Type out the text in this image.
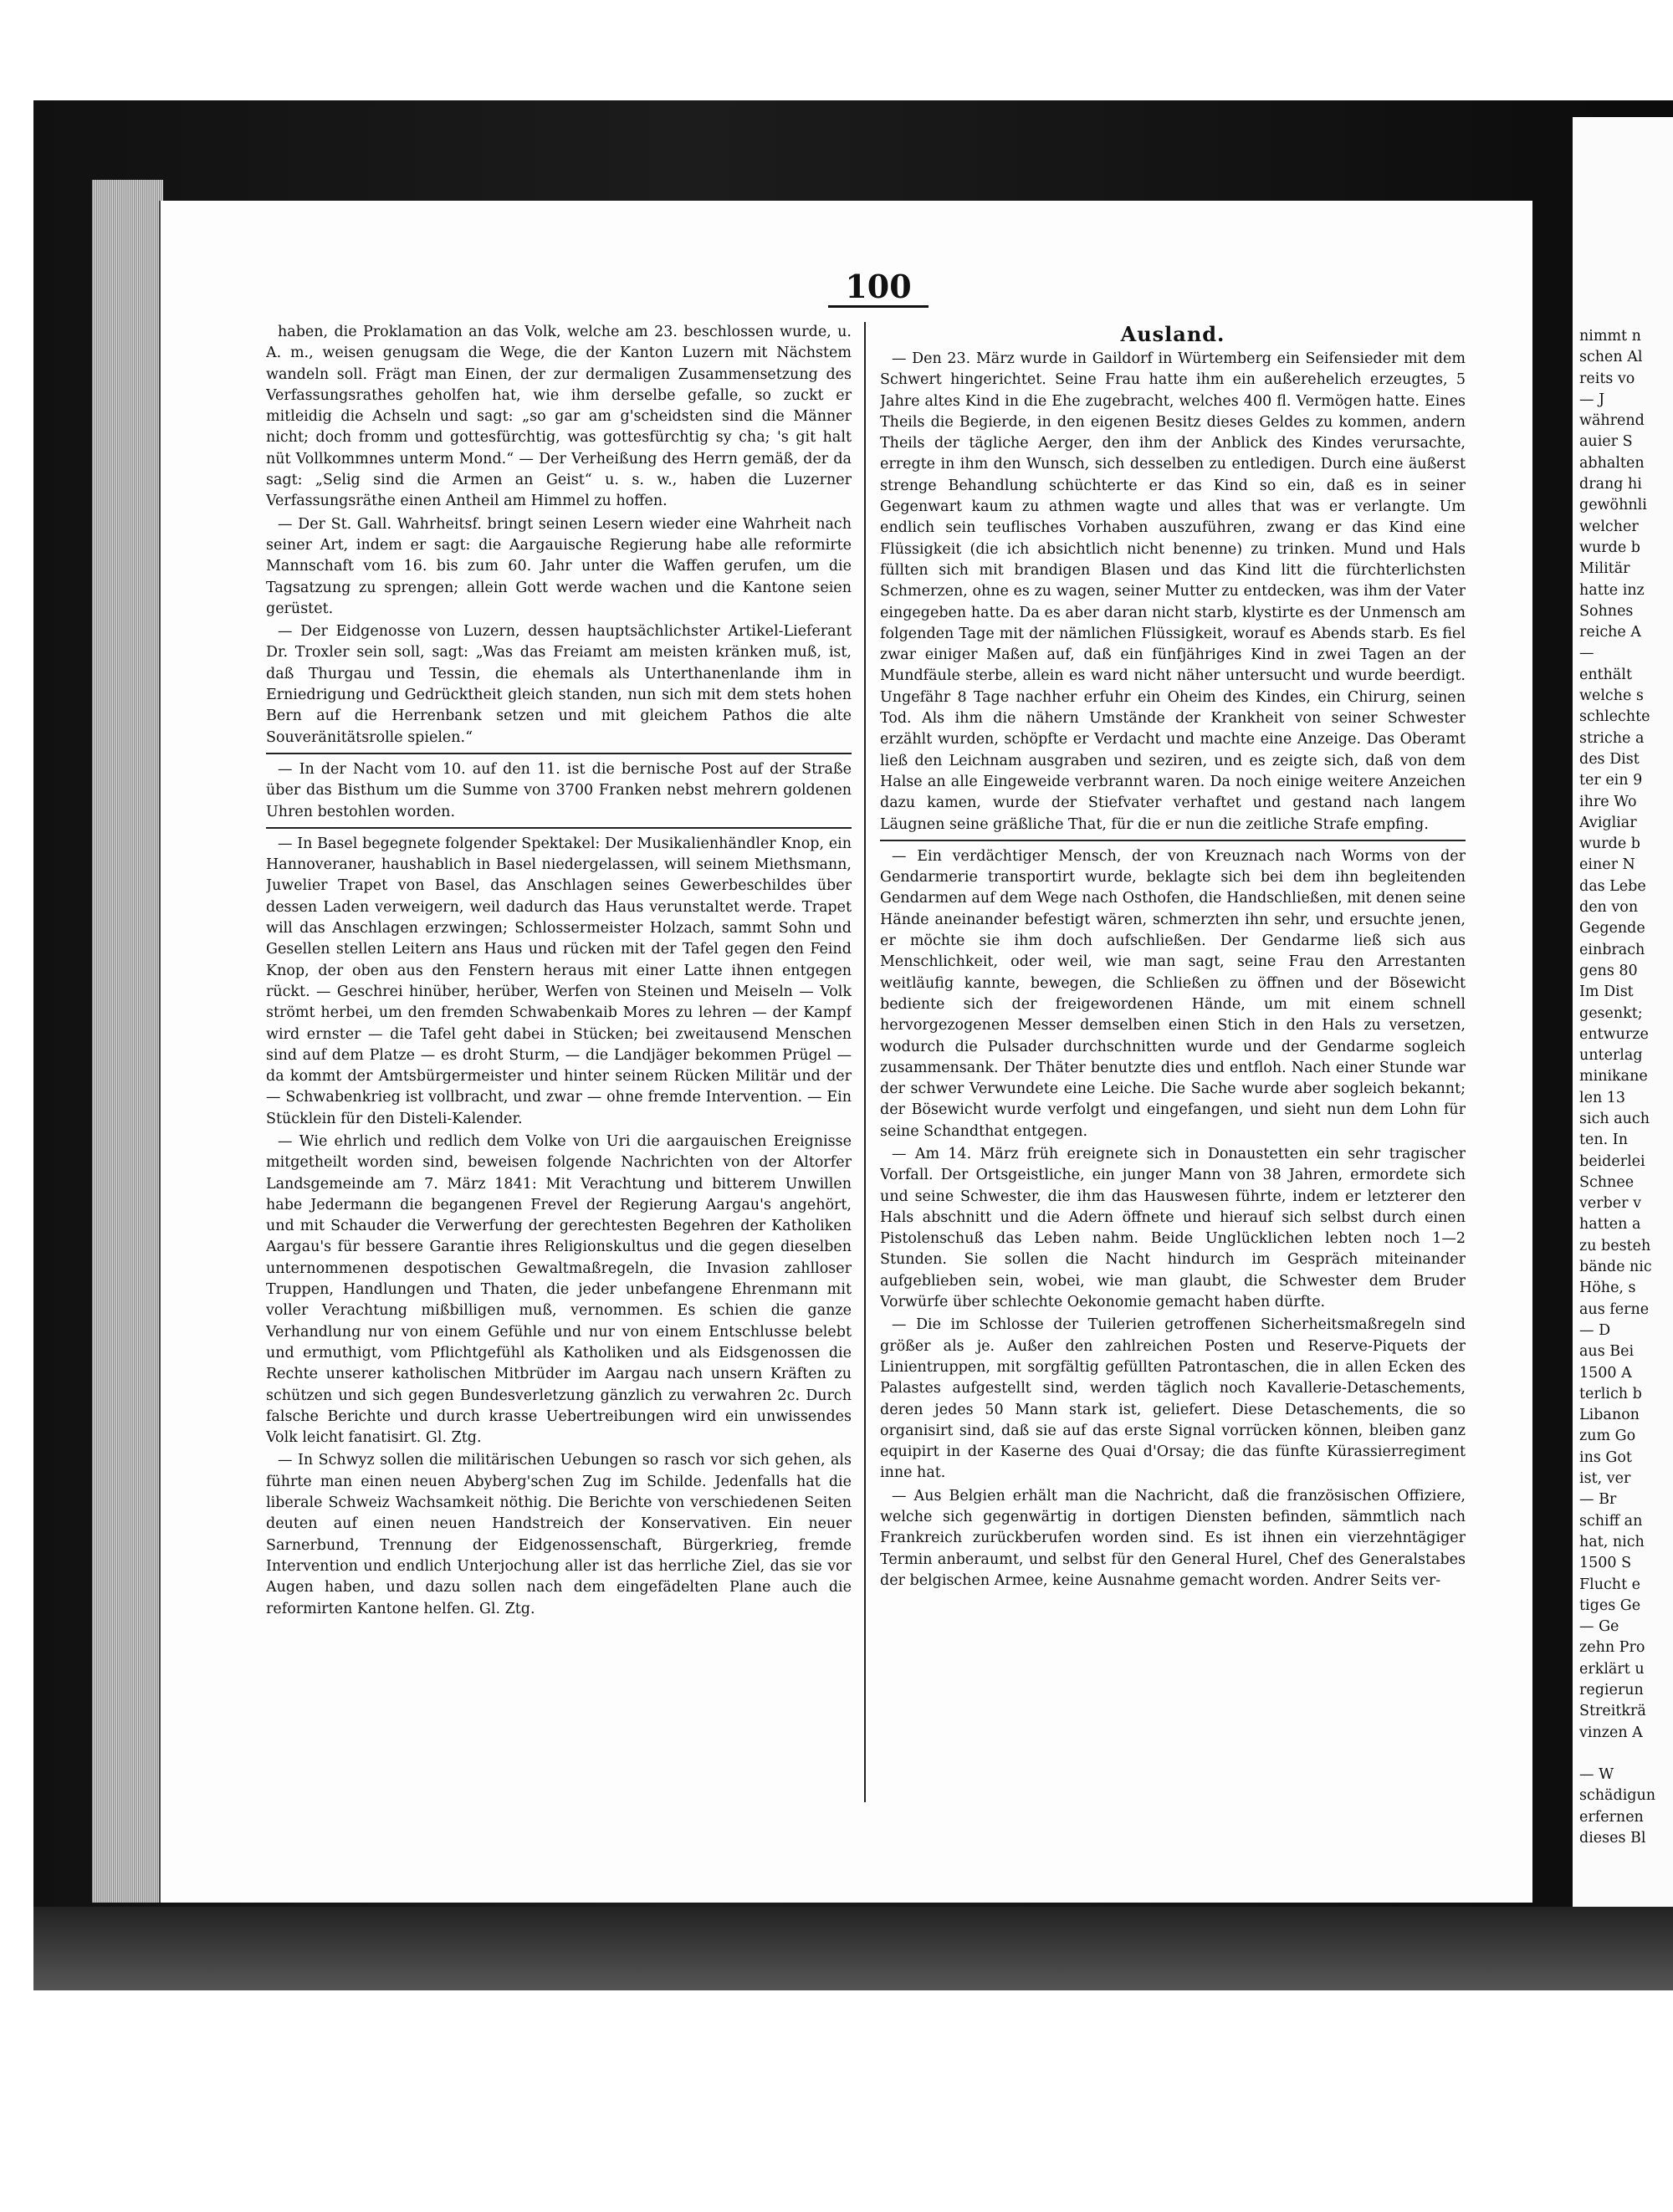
100

haben, die Proklamation an das Volk, welche am 23. beschlossen wurde, u. A. m., weisen genugsam die Wege, die der Kanton Luzern mit Nächstem wandeln soll. Frägt man Einen, der zur dermaligen Zusammensetzung des Verfassungsrathes geholfen hat, wie ihm derselbe gefalle, so zuckt er mitleidig die Achseln und sagt: „so gar am g'scheidsten sind die Männer nicht; doch fromm und gottesfürchtig, was gottesfürchtig sy cha; 's git halt nüt Vollkommnes unterm Mond.“ — Der Verheißung des Herrn gemäß, der da sagt: „Selig sind die Armen an Geist“ u. s. w., haben die Luzerner Verfassungsräthe einen Antheil am Himmel zu hoffen.

— Der St. Gall. Wahrheitsf. bringt seinen Lesern wieder eine Wahrheit nach seiner Art, indem er sagt: die Aargauische Regierung habe alle reformirte Mannschaft vom 16. bis zum 60. Jahr unter die Waffen gerufen, um die Tagsatzung zu sprengen; allein Gott werde wachen und die Kantone seien gerüstet.

— Der Eidgenosse von Luzern, dessen hauptsächlichster Artikel-Lieferant Dr. Troxler sein soll, sagt: „Was das Freiamt am meisten kränken muß, ist, daß Thurgau und Tessin, die ehemals als Unterthanenlande ihm in Erniedrigung und Gedrücktheit gleich standen, nun sich mit dem stets hohen Bern auf die Herrenbank setzen und mit gleichem Pathos die alte Souveränitätsrolle spielen.“

— In der Nacht vom 10. auf den 11. ist die bernische Post auf der Straße über das Bisthum um die Summe von 3700 Franken nebst mehrern goldenen Uhren bestohlen worden.

— In Basel begegnete folgender Spektakel: Der Musikalienhändler Knop, ein Hannoveraner, haushablich in Basel niedergelassen, will seinem Miethsmann, Juwelier Trapet von Basel, das Anschlagen seines Gewerbeschildes über dessen Laden verweigern, weil dadurch das Haus verunstaltet werde. Trapet will das Anschlagen erzwingen; Schlossermeister Holzach, sammt Sohn und Gesellen stellen Leitern ans Haus und rücken mit der Tafel gegen den Feind Knop, der oben aus den Fenstern heraus mit einer Latte ihnen entgegen rückt. — Geschrei hinüber, herüber, Werfen von Steinen und Meiseln — Volk strömt herbei, um den fremden Schwabenkaib Mores zu lehren — der Kampf wird ernster — die Tafel geht dabei in Stücken; bei zweitausend Menschen sind auf dem Platze — es droht Sturm, — die Landjäger bekommen Prügel — da kommt der Amtsbürgermeister und hinter seinem Rücken Militär und der — Schwabenkrieg ist vollbracht, und zwar — ohne fremde Intervention. — Ein Stücklein für den Disteli-Kalender.

— Wie ehrlich und redlich dem Volke von Uri die aargauischen Ereignisse mitgetheilt worden sind, beweisen folgende Nachrichten von der Altorfer Landsgemeinde am 7. März 1841: Mit Verachtung und bitterem Unwillen habe Jedermann die begangenen Frevel der Regierung Aargau's angehört, und mit Schauder die Verwerfung der gerechtesten Begehren der Katholiken Aargau's für bessere Garantie ihres Religionskultus und die gegen dieselben unternommenen despotischen Gewaltmaßregeln, die Invasion zahlloser Truppen, Handlungen und Thaten, die jeder unbefangene Ehrenmann mit voller Verachtung mißbilligen muß, vernommen. Es schien die ganze Verhandlung nur von einem Gefühle und nur von einem Entschlusse belebt und ermuthigt, vom Pflichtgefühl als Katholiken und als Eidsgenossen die Rechte unserer katholischen Mitbrüder im Aargau nach unsern Kräften zu schützen und sich gegen Bundesverletzung gänzlich zu verwahren 2c. Durch falsche Berichte und durch krasse Uebertreibungen wird ein unwissendes Volk leicht fanatisirt. Gl. Ztg.

— In Schwyz sollen die militärischen Uebungen so rasch vor sich gehen, als führte man einen neuen Abyberg'schen Zug im Schilde. Jedenfalls hat die liberale Schweiz Wachsamkeit nöthig. Die Berichte von verschiedenen Seiten deuten auf einen neuen Handstreich der Konservativen. Ein neuer Sarnerbund, Trennung der Eidgenossenschaft, Bürgerkrieg, fremde Intervention und endlich Unterjochung aller ist das herrliche Ziel, das sie vor Augen haben, und dazu sollen nach dem eingefädelten Plane auch die reformirten Kantone helfen. Gl. Ztg.

Ausland.

— Den 23. März wurde in Gaildorf in Würtemberg ein Seifensieder mit dem Schwert hingerichtet. Seine Frau hatte ihm ein außerehelich erzeugtes, 5 Jahre altes Kind in die Ehe zugebracht, welches 400 fl. Vermögen hatte. Eines Theils die Begierde, in den eigenen Besitz dieses Geldes zu kommen, andern Theils der tägliche Aerger, den ihm der Anblick des Kindes verursachte, erregte in ihm den Wunsch, sich desselben zu entledigen. Durch eine äußerst strenge Behandlung schüchterte er das Kind so ein, daß es in seiner Gegenwart kaum zu athmen wagte und alles that was er verlangte. Um endlich sein teuflisches Vorhaben auszuführen, zwang er das Kind eine Flüssigkeit (die ich absichtlich nicht benenne) zu trinken. Mund und Hals füllten sich mit brandigen Blasen und das Kind litt die fürchterlichsten Schmerzen, ohne es zu wagen, seiner Mutter zu entdecken, was ihm der Vater eingegeben hatte. Da es aber daran nicht starb, klystirte es der Unmensch am folgenden Tage mit der nämlichen Flüssigkeit, worauf es Abends starb. Es fiel zwar einiger Maßen auf, daß ein fünfjähriges Kind in zwei Tagen an der Mundfäule sterbe, allein es ward nicht näher untersucht und wurde beerdigt. Ungefähr 8 Tage nachher erfuhr ein Oheim des Kindes, ein Chirurg, seinen Tod. Als ihm die nähern Umstände der Krankheit von seiner Schwester erzählt wurden, schöpfte er Verdacht und machte eine Anzeige. Das Oberamt ließ den Leichnam ausgraben und seziren, und es zeigte sich, daß von dem Halse an alle Eingeweide verbrannt waren. Da noch einige weitere Anzeichen dazu kamen, wurde der Stiefvater verhaftet und gestand nach langem Läugnen seine gräßliche That, für die er nun die zeitliche Strafe empfing.

— Ein verdächtiger Mensch, der von Kreuznach nach Worms von der Gendarmerie transportirt wurde, beklagte sich bei dem ihn begleitenden Gendarmen auf dem Wege nach Osthofen, die Handschließen, mit denen seine Hände aneinander befestigt wären, schmerzten ihn sehr, und ersuchte jenen, er möchte sie ihm doch aufschließen. Der Gendarme ließ sich aus Menschlichkeit, oder weil, wie man sagt, seine Frau den Arrestanten weitläufig kannte, bewegen, die Schließen zu öffnen und der Bösewicht bediente sich der freigewordenen Hände, um mit einem schnell hervorgezogenen Messer demselben einen Stich in den Hals zu versetzen, wodurch die Pulsader durchschnitten wurde und der Gendarme sogleich zusammensank. Der Thäter benutzte dies und entfloh. Nach einer Stunde war der schwer Verwundete eine Leiche. Die Sache wurde aber sogleich bekannt; der Bösewicht wurde verfolgt und eingefangen, und sieht nun dem Lohn für seine Schandthat entgegen.

— Am 14. März früh ereignete sich in Donaustetten ein sehr tragischer Vorfall. Der Ortsgeistliche, ein junger Mann von 38 Jahren, ermordete sich und seine Schwester, die ihm das Hauswesen führte, indem er letzterer den Hals abschnitt und die Adern öffnete und hierauf sich selbst durch einen Pistolenschuß das Leben nahm. Beide Unglücklichen lebten noch 1—2 Stunden. Sie sollen die Nacht hindurch im Gespräch miteinander aufgeblieben sein, wobei, wie man glaubt, die Schwester dem Bruder Vorwürfe über schlechte Oekonomie gemacht haben dürfte.

— Die im Schlosse der Tuilerien getroffenen Sicherheitsmaßregeln sind größer als je. Außer den zahlreichen Posten und Reserve-Piquets der Linientruppen, mit sorgfältig gefüllten Patrontaschen, die in allen Ecken des Palastes aufgestellt sind, werden täglich noch Kavallerie-Detaschements, deren jedes 50 Mann stark ist, geliefert. Diese Detaschements, die so organisirt sind, daß sie auf das erste Signal vorrücken können, bleiben ganz equipirt in der Kaserne des Quai d'Orsay; die das fünfte Kürassierregiment inne hat.

— Aus Belgien erhält man die Nachricht, daß die französischen Offiziere, welche sich gegenwärtig in dortigen Diensten befinden, sämmtlich nach Frankreich zurückberufen worden sind. Es ist ihnen ein vierzehntägiger Termin anberaumt, und selbst für den General Hurel, Chef des Generalstabes der belgischen Armee, keine Ausnahme gemacht worden. Andrer Seits ver-

nimmt n
schen Al
reits vo
— J
während
auier S
abhalten
drang hi
gewöhnli
welcher
wurde b
Militär
hatte inz
Sohnes
reiche A
—
enthält
welche s
schlechte
striche a
des Dist
ter ein 9
ihre Wo
Avigliar
wurde b
einer N
das Lebe
den von
Gegende
einbrach
gens 80
Im Dist
gesenkt;
entwurze
unterlag
minikane
len 13
sich auch
ten. In
beiderlei
Schnee
verber v
hatten a
zu besteh
bände nic
Höhe, s
aus ferne
— D
aus Bei
1500 A
terlich b
Libanon
zum Go
ins Got
ist, ver
— Br
schiff an
hat, nich
1500 S
Flucht e
tiges Ge
— Ge
zehn Pro
erklärt u
regierun
Streitkrä
vinzen A

— W
schädigun
erfernen
dieses Bl
